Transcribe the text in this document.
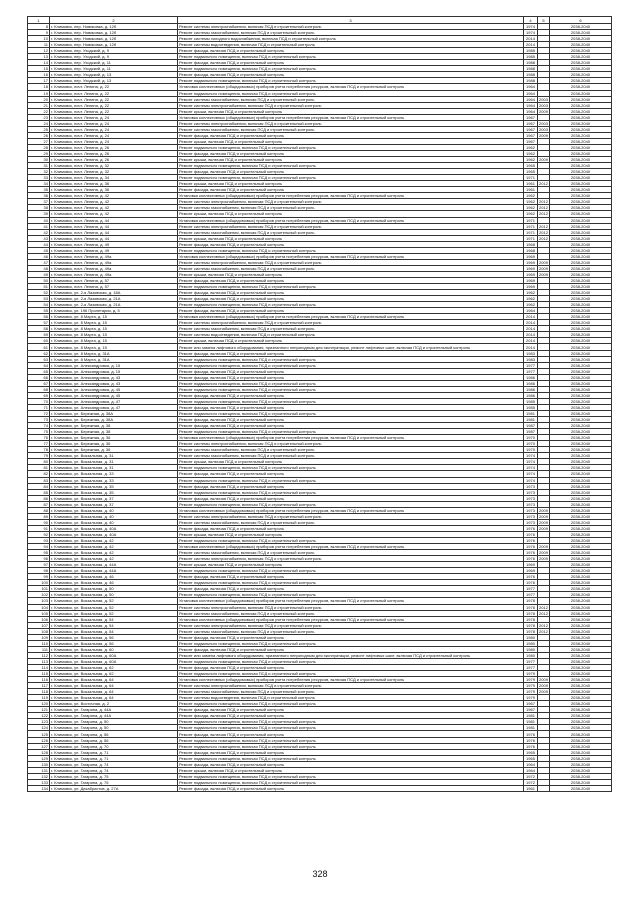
1	2	3	4	5	6
8	г. Климовск, пер. Новиковка, д. 12б	Ремонт системы электроснабжения, включая ПСД и строительный контроль	1974		2038-2040
9	г. Климовск, пер. Новиковка, д. 12б	Ремонт системы газоснабжения, включая ПСД и строительный контроль	1974		2038-2040
10	г. Климовск, пер. Новиковка, д. 12б	Ремонт системы холодного водоснабжения, включая ПСД и строительный контроль	2014		2038-2040
11	г. Климовск, пер. Новиковка, д. 12б	Ремонт системы водоотведения, включая ПСД и строительный контроль	2014		2038-2040
12	г. Климовск, пер. Уходский, д. 9	Ремонт фасада, включая ПСД и строительный контроль	1985		2038-2040
13	г. Климовск, пер. Уходский, д. 9	Ремонт подвального помещения, включая ПСД и строительный контроль	1985		2038-2040
14	г. Климовск, пер. Уходский, д. 11	Ремонт фасада, включая ПСД и строительный контроль	1988		2038-2040
15	г. Климовск, пер. Уходский, д. 11	Ремонт подвального помещения, включая ПСД и строительный контроль	1988		2038-2040
16	г. Климовск, пер. Уходский, д. 13	Ремонт фасада, включая ПСД и строительный контроль	1988		2038-2040
17	г. Климовск, пер. Уходский, д. 13	Ремонт подвального помещения, включая ПСД и строительный контроль	1988		2038-2040
18	г. Климовск, почт. Ленина, д. 22	Установка коллективных (общедомовых) приборов учета потребления ресурсов, включая ПСД и строительный контроль	1964		2038-2040
19	г. Климовск, почт. Ленина, д. 22	Ремонт подвального помещения, включая ПСД и строительный контроль	1964		2038-2040
20	г. Климовск, почт. Ленина, д. 22	Ремонт системы газоснабжения, включая ПСД и строительный контроль	1964	2003	2038-2040
21	г. Климовск, почт. Ленина, д. 22	Ремонт системы электроснабжения, включая ПСД и строительный контроль	1964	2003	2038-2040
22	г. Климовск, почт. Ленина, д. 22	Ремонт крыши, включая ПСД и строительный контроль	1964	2009	2038-2040
23	г. Климовск, почт. Ленина, д. 24	Установка коллективных (общедомовых) приборов учета потребления ресурсов, включая ПСД и строительный контроль	1967		2038-2040
24	г. Климовск, почт. Ленина, д. 24	Ремонт системы электроснабжения, включая ПСД и строительный контроль	1967	2003	2038-2040
25	г. Климовск, почт. Ленина, д. 24	Ремонт системы газоснабжения, включая ПСД и строительный контроль	1967	2003	2038-2040
26	г. Климовск, почт. Ленина, д. 24	Ремонт фасада, включая ПСД и строительный контроль	1967	2009	2038-2040
27	г. Климовск, почт. Ленина, д. 24	Ремонт крыши, включая ПСД и строительный контроль	1967		2038-2040
28	г. Климовск, почт. Ленина, д. 26	Ремонт подвального помещения, включая ПСД и строительный контроль	1962		2038-2040
29	г. Климовск, почт. Ленина, д. 26	Ремонт фасада, включая ПСД и строительный контроль	1962		2038-2040
30	г. Климовск, почт. Ленина, д. 26	Ремонт крыши, включая ПСД и строительный контроль	1962	2009	2038-2040
31	г. Климовск, почт. Ленина, д. 32	Ремонт подвального помещения, включая ПСД и строительный контроль	1965		2038-2040
32	г. Климовск, почт. Ленина, д. 32	Ремонт фасада, включая ПСД и строительный контроль	1965		2038-2040
33	г. Климовск, почт. Ленина, д. 34	Ремонт подвального помещения, включая ПСД и строительный контроль	1971		2038-2040
34	г. Климовск, почт. Ленина, д. 36	Ремонт крыши, включая ПСД и строительный контроль	1961	2012	2038-2040
35	г. Климовск, почт. Ленина, д. 36	Ремонт фасада, включая ПСД и строительный контроль	1961		2038-2040
36	г. Климовск, почт. Ленина, д. 42	Установка коллективных (общедомовых) приборов учета потребления ресурсов, включая ПСД и строительный контроль	1962		2038-2040
37	г. Климовск, почт. Ленина, д. 42	Ремонт системы электроснабжения, включая ПСД и строительный контроль	1962	2012	2038-2040
38	г. Климовск, почт. Ленина, д. 42	Ремонт системы газоснабжения, включая ПСД и строительный контроль	1962	2012	2038-2040
39	г. Климовск, почт. Ленина, д. 42	Ремонт крыши, включая ПСД и строительный контроль	1962	2012	2038-2040
40	г. Климовск, почт. Ленина, д. 44	Установка коллективных (общедомовых) приборов учета потребления ресурсов, включая ПСД и строительный контроль	1971		2038-2040
41	г. Климовск, почт. Ленина, д. 44	Ремонт системы электроснабжения, включая ПСД и строительный контроль	1971	2012	2038-2040
42	г. Климовск, почт. Ленина, д. 44	Ремонт системы газоснабжения, включая ПСД и строительный контроль	1971	2012	2038-2040
43	г. Климовск, почт. Ленина, д. 44	Ремонт крыши, включая ПСД и строительный контроль	1971	2012	2038-2040
44	г. Климовск, почт. Ленина, д. 49	Ремонт фасада, включая ПСД и строительный контроль	1968		2038-2040
45	г. Климовск, почт. Ленина, д. 49	Ремонт подвального помещения, включая ПСД и строительный контроль	1968		2038-2040
46	г. Климовск, почт. Ленина, д. 49а	Установка коллективных (общедомовых) приборов учета потребления ресурсов, включая ПСД и строительный контроль	1969		2038-2040
47	г. Климовск, почт. Ленина, д. 49а	Ремонт системы электроснабжения, включая ПСД и строительный контроль	1969	2009	2038-2040
48	г. Климовск, почт. Ленина, д. 49а	Ремонт системы газоснабжения, включая ПСД и строительный контроль	1969	2009	2038-2040
49	г. Климовск, почт. Ленина, д. 49а	Ремонт крыши, включая ПСД и строительный контроль	1969	2009	2038-2040
50	г. Климовск, почт. Ленина, д. 57	Ремонт фасада, включая ПСД и строительный контроль	1969		2038-2040
51	г. Климовск, почт. Ленина, д. 57	Ремонт подвального помещения, включая ПСД и строительный контроль	1969		2038-2040
52	г. Климовск, ул. 2-я Лазовская, д. 18А	Ремонт фасада, включая ПСД и строительный контроль	1962		2038-2040
53	г. Климовск, ул. 2-я Лазовская, д. 21А	Ремонт фасада, включая ПСД и строительный контроль	1962		2038-2040
54	г. Климовск, ул. 2-я Лазовская, д. 21А	Ремонт подвального помещения, включая ПСД и строительный контроль	1962		2038-2040
55	г. Климовск, ул. 196 Пролетарии, д. 5	Ремонт фасада, включая ПСД и строительный контроль	1964		2038-2040
56	г. Климовск, ул. 8 Марта, д. 15	Установка коллективных (общедомовых) приборов учета потребления ресурсов, включая ПСД и строительный контроль	2014		2038-2040
57	г. Климовск, ул. 8 Марта, д. 15	Ремонт системы электроснабжения, включая ПСД и строительный контроль	2014		2038-2040
58	г. Климовск, ул. 8 Марта, д. 15	Ремонт системы газоснабжения, включая ПСД и строительный контроль	2014		2038-2040
59	г. Климовск, ул. 8 Марта, д. 15	Ремонт системы водоотведения, включая ПСД и строительный контроль	2014		2038-2040
60	г. Климовск, ул. 8 Марта, д. 15	Ремонт крыши, включая ПСД и строительный контроль	2014		2038-2040
61	г. Климовск, ул. 8 Марта, д. 15	Ремонт или замена лифтового оборудования, признанного непригодным для эксплуатации, ремонт лифтовых шахт, включая ПСД и строительный контроль	2014		2038-2040
62	г. Климовск, ул. 8 Марта, д. 31А	Ремонт фасада, включая ПСД и строительный контроль	1983		2038-2040
63	г. Климовск, ул. 8 Марта, д. 31А	Ремонт подвального помещения, включая ПСД и строительный контроль	1983		2038-2040
64	г. Климовск, ул. Александровка, д. 15	Ремонт подвального помещения, включая ПСД и строительный контроль	1977		2038-2040
65	г. Климовск, ул. Александровка, д. 15	Ремонт фасада, включая ПСД и строительный контроль	1977		2038-2040
66	г. Климовск, ул. Александровка, д. 43	Ремонт фасада, включая ПСД и строительный контроль	1986		2038-2040
67	г. Климовск, ул. Александровка, д. 43	Ремонт подвального помещения, включая ПСД и строительный контроль	1986		2038-2040
68	г. Климовск, ул. Александровка, д. 45	Ремонт подвального помещения, включая ПСД и строительный контроль	1986		2038-2040
69	г. Климовск, ул. Александровка, д. 45	Ремонт фасада, включая ПСД и строительный контроль	1986		2038-2040
70	г. Климовск, ул. Александровка, д. 47	Ремонт подвального помещения, включая ПСД и строительный контроль	1985		2038-2040
71	г. Климовск, ул. Александровка, д. 47	Ремонт фасада, включая ПСД и строительный контроль	1985		2038-2040
72	г. Климовск, ул. Бережная, д. 38А	Ремонт подвального помещения, включая ПСД и строительный контроль	1981		2038-2040
73	г. Климовск, ул. Бережная, д. 38А	Ремонт фасада, включая ПСД и строительный контроль	1981		2038-2040
74	г. Климовск, ул. Бережная, д. 38	Ремонт фасада, включая ПСД и строительный контроль	1987		2038-2040
75	г. Климовск, ул. Бережная, д. 38	Ремонт подвального помещения, включая ПСД и строительный контроль	1987		2038-2040
76	г. Климовск, ул. Бережная, д. 36	Установка коллективных (общедомовых) приборов учета потребления ресурсов, включая ПСД и строительный контроль	1970		2038-2040
77	г. Климовск, ул. Бережная, д. 36	Ремонт системы электроснабжения, включая ПСД и строительный контроль	1970		2038-2040
78	г. Климовск, ул. Бережная, д. 36	Ремонт системы газоснабжения, включая ПСД и строительный контроль	1970		2038-2040
79	г. Климовск, ул. Вокзальная, д. 31	Ремонт системы газоснабжения, включая ПСД и строительный контроль	1974		2038-2040
80	г. Климовск, ул. Вокзальная, д. 31	Ремонт крыши, включая ПСД и строительный контроль	1974		2038-2040
81	г. Климовск, ул. Вокзальная, д. 31	Ремонт подвального помещения, включая ПСД и строительный контроль	1974		2038-2040
82	г. Климовск, ул. Вокзальная, д. 33	Ремонт фасада, включая ПСД и строительный контроль	1974		2038-2040
83	г. Климовск, ул. Вокзальная, д. 33	Ремонт подвального помещения, включая ПСД и строительный контроль	1974		2038-2040
84	г. Климовск, ул. Вокзальная, д. 35	Ремонт фасада, включая ПСД и строительный контроль	1973		2038-2040
85	г. Климовск, ул. Вокзальная, д. 35	Ремонт подвального помещения, включая ПСД и строительный контроль	1973		2038-2040
86	г. Климовск, ул. Вокзальная, д. 37	Ремонт фасада, включая ПСД и строительный контроль	1973		2038-2040
87	г. Климовск, ул. Вокзальная, д. 37	Ремонт подвального помещения, включая ПСД и строительный контроль	1973		2038-2040
88	г. Климовск, ул. Вокзальная, д. 40	Установка коллективных (общедомовых) приборов учета потребления ресурсов, включая ПСД и строительный контроль	1973	2009	2038-2040
89	г. Климовск, ул. Вокзальная, д. 40	Ремонт системы электроснабжения, включая ПСД и строительный контроль	1973	2009	2038-2040
90	г. Климовск, ул. Вокзальная, д. 40	Ремонт системы газоснабжения, включая ПСД и строительный контроль	1973	2009	2038-2040
91	г. Климовск, ул. Вокзальная, д. 40А	Ремонт фасада, включая ПСД и строительный контроль	1976	2009	2038-2040
92	г. Климовск, ул. Вокзальная, д. 40А	Ремонт крыши, включая ПСД и строительный контроль	1976		2038-2040
93	г. Климовск, ул. Вокзальная, д. 42	Ремонт подвального помещения, включая ПСД и строительный контроль	1976		2038-2040
94	г. Климовск, ул. Вокзальная, д. 42	Установка коллективных (общедомовых) приборов учета потребления ресурсов, включая ПСД и строительный контроль	1976	2009	2038-2040
95	г. Климовск, ул. Вокзальная, д. 42	Ремонт системы газоснабжения, включая ПСД и строительный контроль	1976	2009	2038-2040
96	г. Климовск, ул. Вокзальная, д. 42	Ремонт системы электроснабжения, включая ПСД и строительный контроль	1976	2009	2038-2040
97	г. Климовск, ул. Вокзальная, д. 44А	Ремонт крыши, включая ПСД и строительный контроль	1969		2038-2040
98	г. Климовск, ул. Вокзальная, д. 44А	Ремонт подвального помещения, включая ПСД и строительный контроль	1969		2038-2040
99	г. Климовск, ул. Вокзальная, д. 46	Ремонт фасада, включая ПСД и строительный контроль	1976		2038-2040
100	г. Климовск, ул. Вокзальная, д. 46	Ремонт подвального помещения, включая ПСД и строительный контроль	1976		2038-2040
101	г. Климовск, ул. Вокзальная, д. 50	Ремонт фасада, включая ПСД и строительный контроль	1977		2038-2040
102	г. Климовск, ул. Вокзальная, д. 50	Ремонт подвального помещения, включая ПСД и строительный контроль	1977		2038-2040
103	г. Климовск, ул. Вокзальная, д. 52	Установка коллективных (общедомовых) приборов учета потребления ресурсов, включая ПСД и строительный контроль	1978		2038-2040
104	г. Климовск, ул. Вокзальная, д. 52	Ремонт системы электроснабжения, включая ПСД и строительный контроль	1978	2012	2038-2040
105	г. Климовск, ул. Вокзальная, д. 52	Ремонт системы газоснабжения, включая ПСД и строительный контроль	1978	2012	2038-2040
106	г. Климовск, ул. Вокзальная, д. 54	Установка коллективных (общедомовых) приборов учета потребления ресурсов, включая ПСД и строительный контроль	1978		2038-2040
107	г. Климовск, ул. Вокзальная, д. 54	Ремонт системы электроснабжения, включая ПСД и строительный контроль	1978	2012	2038-2040
108	г. Климовск, ул. Вокзальная, д. 54	Ремонт системы газоснабжения, включая ПСД и строительный контроль	1978	2012	2038-2040
109	г. Климовск, ул. Вокзальная, д. 56	Ремонт фасада, включая ПСД и строительный контроль	1980		2038-2040
110	г. Климовск, ул. Вокзальная, д. 56	Ремонт подвального помещения, включая ПСД и строительный контроль	1980		2038-2040
111	г. Климовск, ул. Вокзальная, д. 60	Ремонт фасада, включая ПСД и строительный контроль	1980		2038-2040
112	г. Климовск, ул. Вокзальная, д. 60А	Ремонт или замена лифтового оборудования, признанного непригодным для эксплуатации, ремонт лифтовых шахт, включая ПСД и строительный контроль	1980		2038-2040
113	г. Климовск, ул. Вокзальная, д. 60А	Ремонт подвального помещения, включая ПСД и строительный контроль	1977		2038-2040
114	г. Климовск, ул. Вокзальная, д. 62	Ремонт фасада, включая ПСД и строительный контроль	1977		2038-2040
115	г. Климовск, ул. Вокзальная, д. 62	Ремонт подвального помещения, включая ПСД и строительный контроль	1979		2038-2040
116	г. Климовск, ул. Вокзальная, д. 64	Установка коллективных (общедомовых) приборов учета потребления ресурсов, включая ПСД и строительный контроль	1979	2009	2038-2040
117	г. Климовск, ул. Вокзальная, д. 64	Ремонт системы электроснабжения, включая ПСД и строительный контроль	1979	2009	2038-2040
118	г. Климовск, ул. Вокзальная, д. 64	Ремонт системы газоснабжения, включая ПСД и строительный контроль	1979	2009	2038-2040
119	г. Климовск, ул. Вокзальная, д. 64	Ремонт системы водоотведения, включая ПСД и строительный контроль	1979		2038-2040
120	г. Климовск, ул. Восточная, д. 2	Ремонт подвального помещения, включая ПСД и строительный контроль	1967		2038-2040
121	г. Климовск, ул. Гагарина, д. 44А	Ремонт фасада, включая ПСД и строительный контроль	1967		2038-2040
122	г. Климовск, ул. Гагарина, д. 44А	Ремонт фасада, включая ПСД и строительный контроль	1981		2038-2040
123	г. Климовск, ул. Гагарина, д. 50	Ремонт подвального помещения, включая ПСД и строительный контроль	1981		2038-2040
124	г. Климовск, ул. Гагарина, д. 50	Ремонт подвального помещения, включая ПСД и строительный контроль	1981		2038-2040
125	г. Климовск, ул. Гагарина, д. 56	Ремонт фасада, включая ПСД и строительный контроль	1976		2038-2040
126	г. Климовск, ул. Гагарина, д. 56	Ремонт подвального помещения, включая ПСД и строительный контроль	1976		2038-2040
127	г. Климовск, ул. Гагарина, д. 70	Ремонт подвального помещения, включая ПСД и строительный контроль	1976		2038-2040
128	г. Климовск, ул. Гагарина, д. 71	Ремонт фасада, включая ПСД и строительный контроль	1965		2038-2040
129	г. Климовск, ул. Гагарина, д. 71	Ремонт подвального помещения, включая ПСД и строительный контроль	1965		2038-2040
130	г. Климовск, ул. Гагарина, д. 74	Ремонт фасада, включая ПСД и строительный контроль	1964		2038-2040
131	г. Климовск, ул. Гагарина, д. 74	Ремонт крыши, включая ПСД и строительный контроль	1964		2038-2040
132	г. Климовск, ул. Гагарина, д. 75	Ремонт подвального помещения, включая ПСД и строительный контроль	1972		2038-2040
133	г. Климовск, ул. Гагарина, д. 75	Ремонт подвального помещения, включая ПСД и строительный контроль	1972		2038-2040
134	г. Климовск, ул. Декабристов, д. 27А	Ремонт фасада, включая ПСД и строительный контроль	1961		2038-2040
328
